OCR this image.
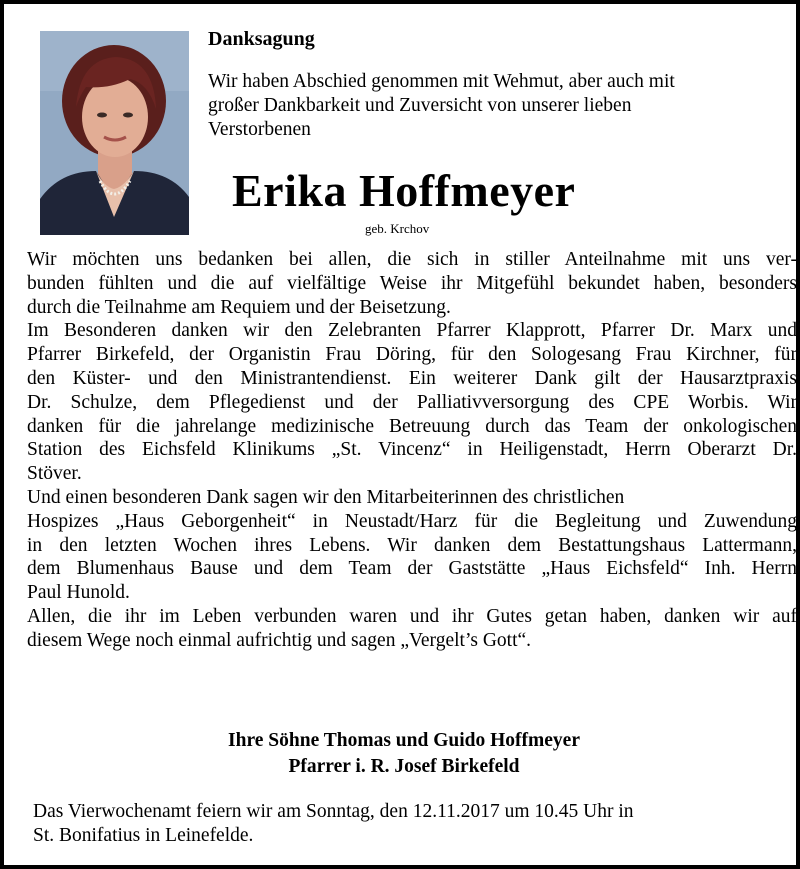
Danksagung
Wir haben Abschied genommen mit Wehmut, aber auch mit
großer Dankbarkeit und Zuversicht von unserer lieben
Verstorbenen
Erika Hoffmeyer
geb. Krchov
Wir möchten uns bedanken bei allen, die sich in stiller Anteilnahme mit uns ver-
bunden fühlten und die auf vielfältige Weise ihr Mitgefühl bekundet haben, besonders
durch die Teilnahme am Requiem und der Beisetzung.
Im Besonderen danken wir den Zelebranten Pfarrer Klapprott, Pfarrer Dr. Marx und
Pfarrer Birkefeld, der Organistin Frau Döring, für den Sologesang Frau Kirchner, für
den Küster- und den Ministrantendienst. Ein weiterer Dank gilt der Hausarztpraxis
Dr. Schulze, dem Pflegedienst und der Palliativversorgung des CPE Worbis. Wir
danken für die jahrelange medizinische Betreuung durch das Team der onkologischen
Station des Eichsfeld Klinikums „St. Vincenz“ in Heiligenstadt, Herrn Oberarzt Dr.
Stöver.
Und einen besonderen Dank sagen wir den Mitarbeiterinnen des christlichen
Hospizes „Haus Geborgenheit“ in Neustadt/Harz für die Begleitung und Zuwendung
in den letzten Wochen ihres Lebens. Wir danken dem Bestattungshaus Lattermann,
dem Blumenhaus Bause und dem Team der Gaststätte „Haus Eichsfeld“ Inh. Herrn
Paul Hunold.
Allen, die ihr im Leben verbunden waren und ihr Gutes getan haben, danken wir auf
diesem Wege noch einmal aufrichtig und sagen „Vergelt’s Gott“.
Ihre Söhne Thomas und Guido Hoffmeyer
Pfarrer i. R. Josef Birkefeld
Das Vierwochenamt feiern wir am Sonntag, den 12.11.2017 um 10.45 Uhr in
St. Bonifatius in Leinefelde.
